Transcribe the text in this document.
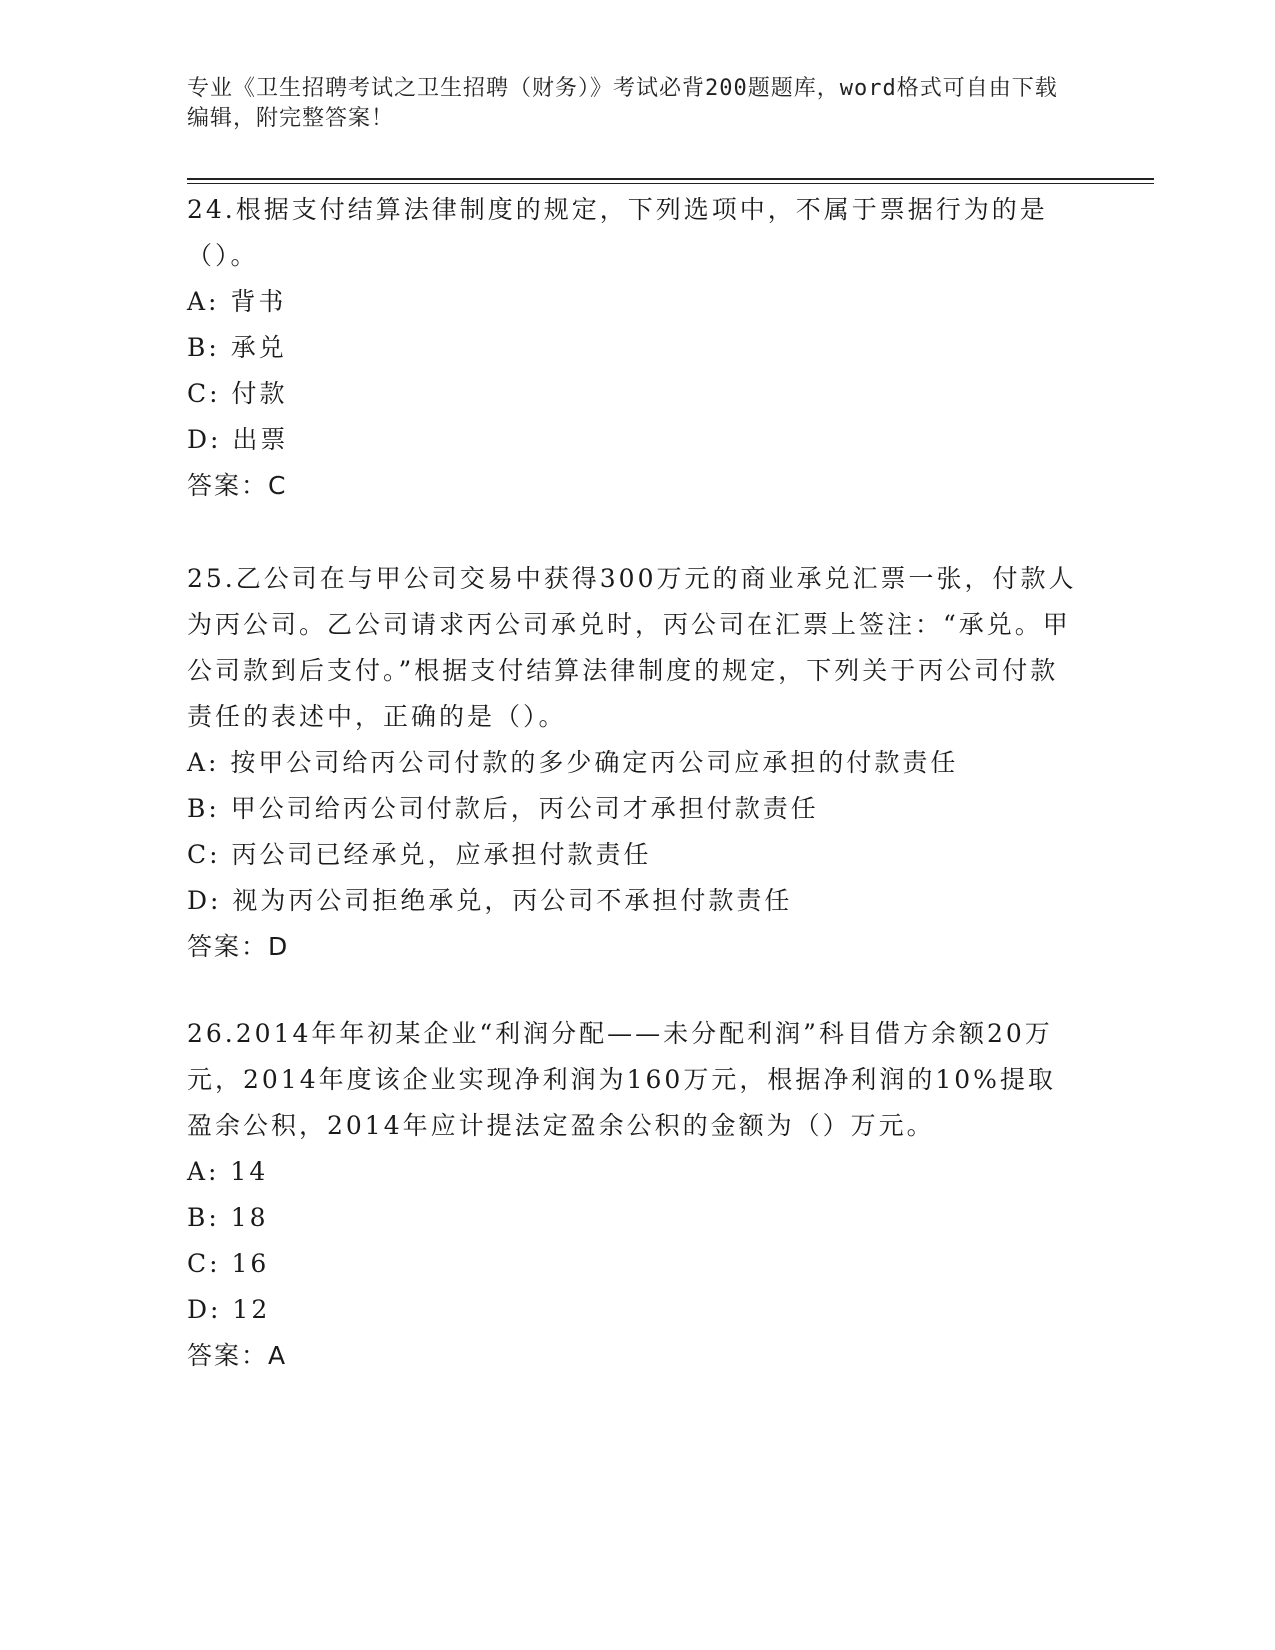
专业《卫生招聘考试之卫生招聘（财务）》考试必背200题题库，word格式可自由下载编辑，附完整答案！

24.根据支付结算法律制度的规定，下列选项中，不属于票据行为的是（）。

A: 背书

B: 承兑

C: 付款

D: 出票

答案：C

25.乙公司在与甲公司交易中获得300万元的商业承兑汇票一张，付款人为丙公司。乙公司请求丙公司承兑时，丙公司在汇票上签注：“承兑。甲公司款到后支付。”根据支付结算法律制度的规定，下列关于丙公司付款责任的表述中，正确的是（）。

A: 按甲公司给丙公司付款的多少确定丙公司应承担的付款责任

B: 甲公司给丙公司付款后，丙公司才承担付款责任

C: 丙公司已经承兑，应承担付款责任

D: 视为丙公司拒绝承兑，丙公司不承担付款责任

答案：D

26.2014年年初某企业“利润分配——未分配利润”科目借方余额20万元，2014年度该企业实现净利润为160万元，根据净利润的10%提取盈余公积，2014年应计提法定盈余公积的金额为（）万元。

A: 14

B: 18

C: 16

D: 12

答案：A
